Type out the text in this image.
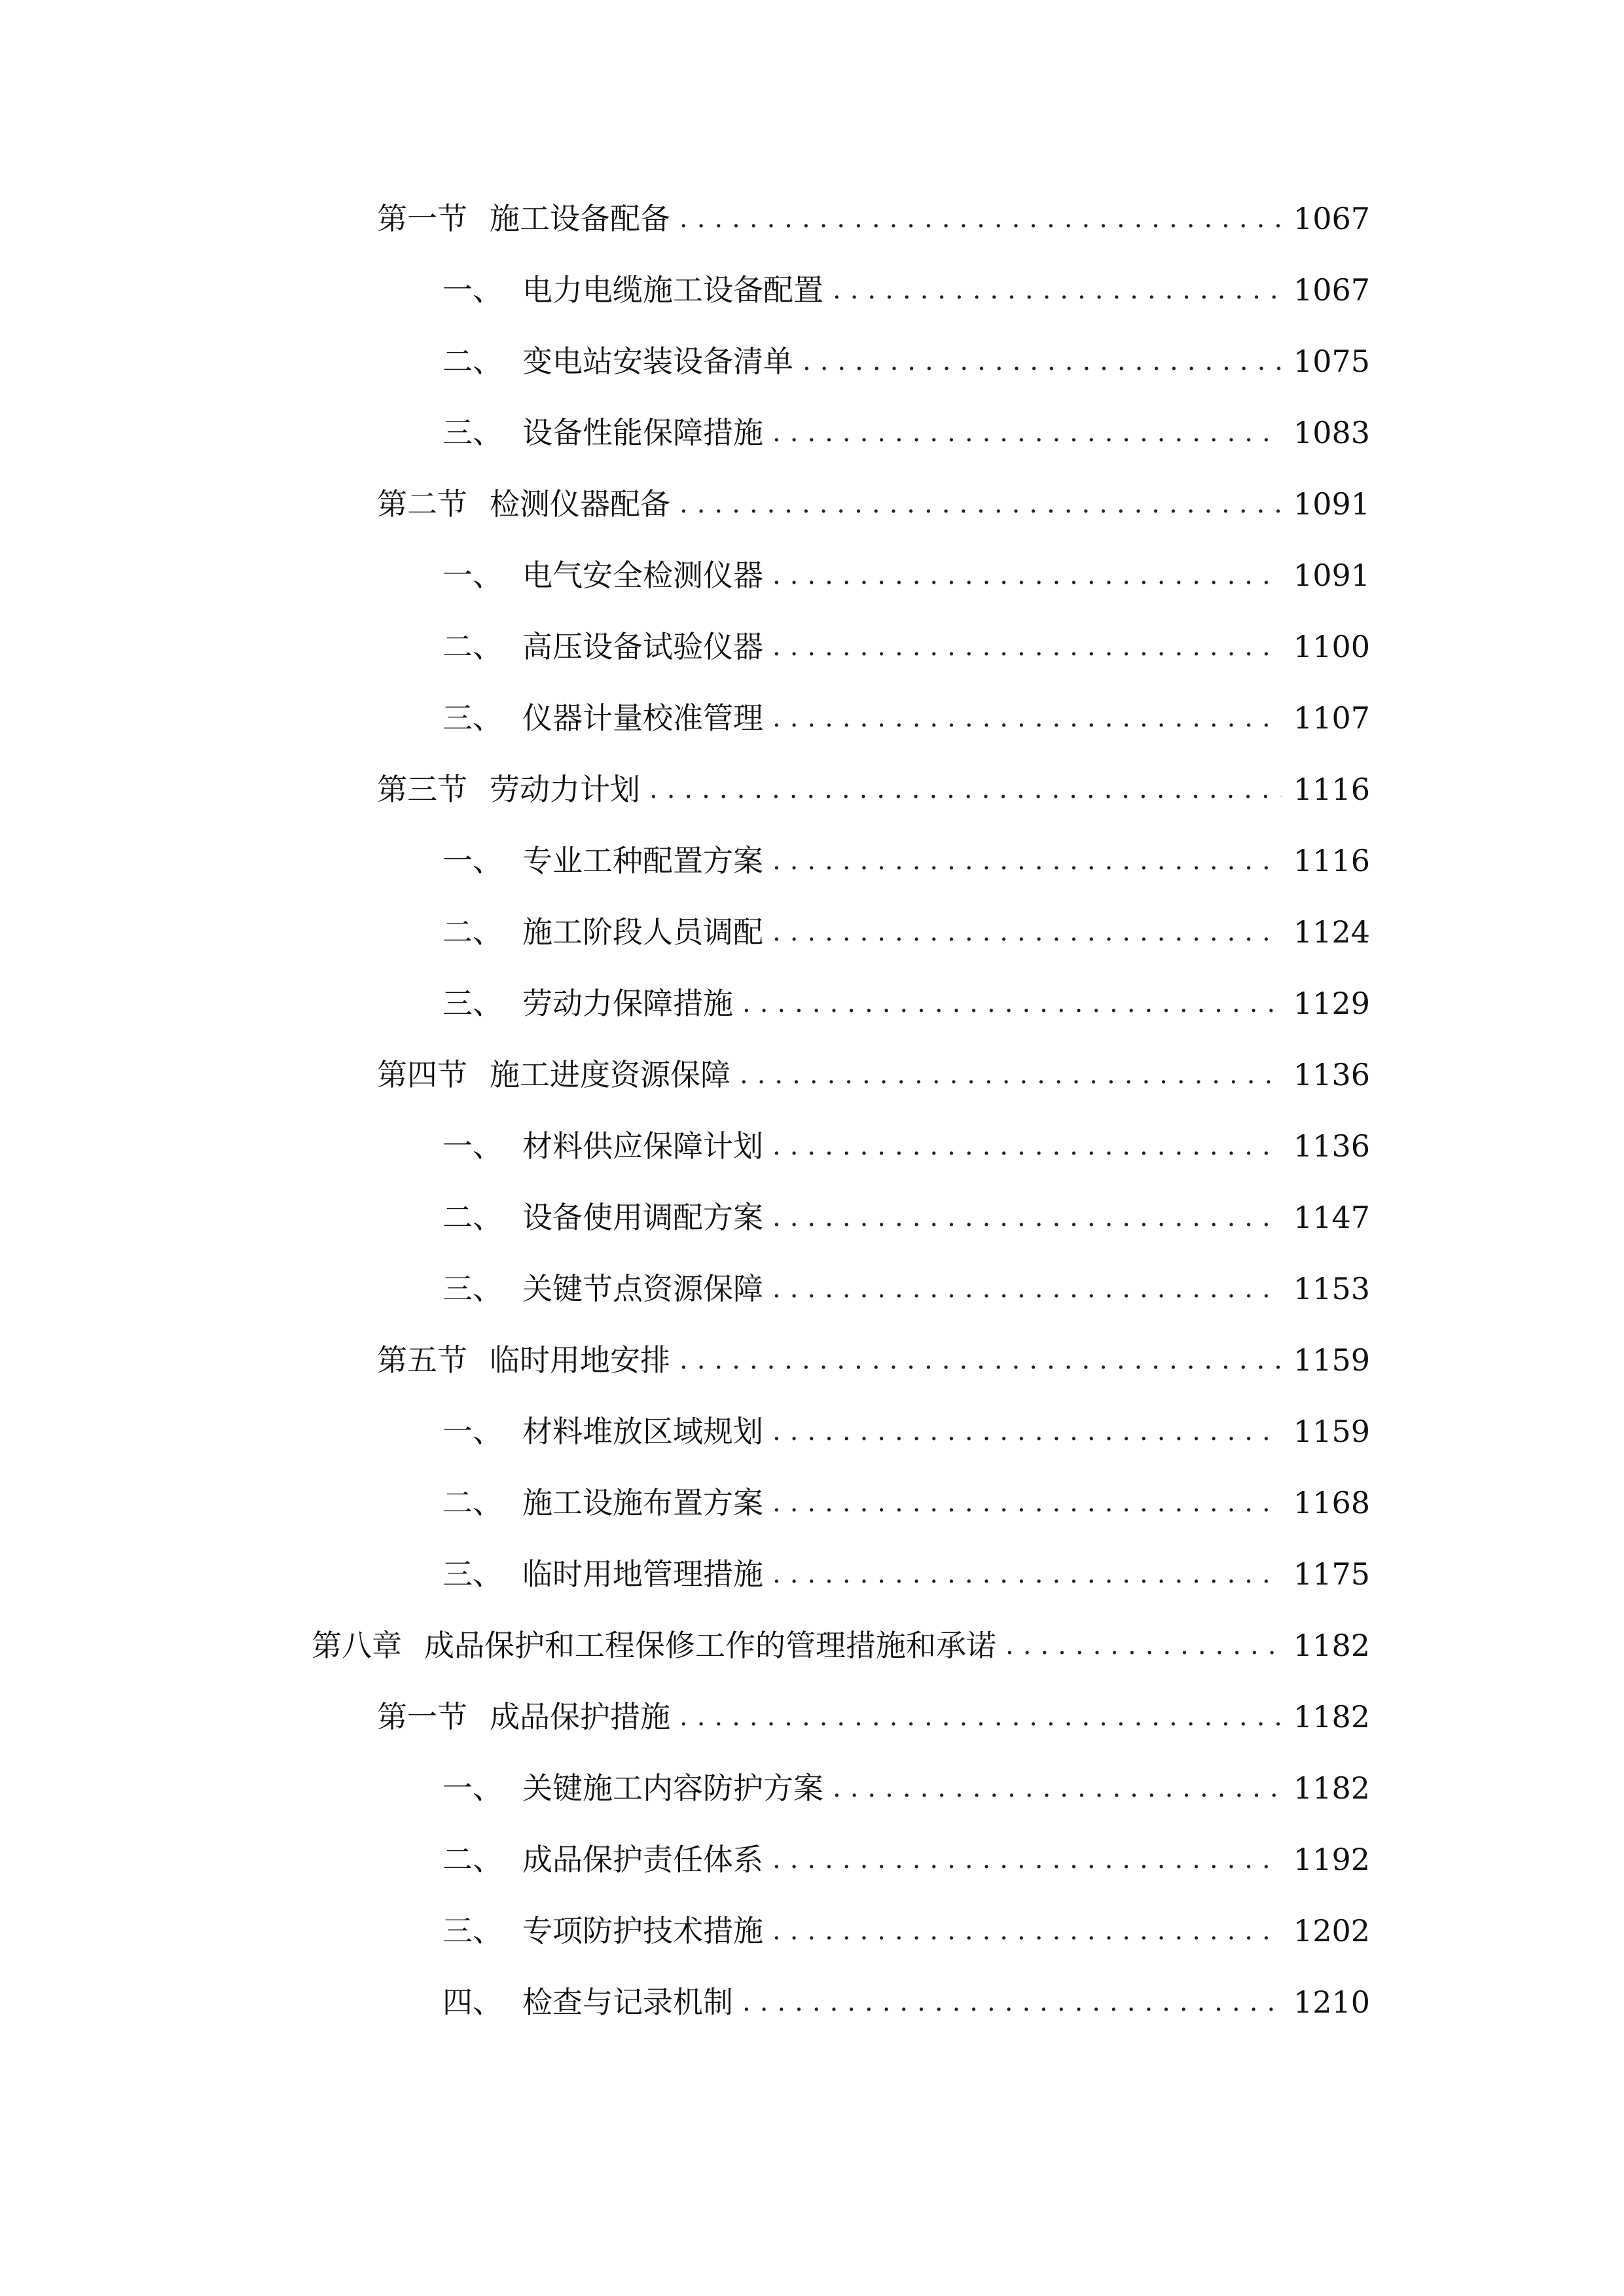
第一节 施工设备配备 .....	1067
一、 电力电缆施工设备配置 .....	1067
二、 变电站安装设备清单 .....	1075
三、 设备性能保障措施 .....	1083
第二节 检测仪器配备 .....	1091
一、 电气安全检测仪器 .....	1091
二、 高压设备试验仪器 .....	1100
三、 仪器计量校准管理 .....	1107
第三节 劳动力计划 .....	1116
一、 专业工种配置方案 .....	1116
二、 施工阶段人员调配 .....	1124
三、 劳动力保障措施 .....	1129
第四节 施工进度资源保障 .....	1136
一、 材料供应保障计划 .....	1136
二、 设备使用调配方案 .....	1147
三、 关键节点资源保障 .....	1153
第五节 临时用地安排 .....	1159
一、 材料堆放区域规划 .....	1159
二、 施工设施布置方案 .....	1168
三、 临时用地管理措施 .....	1175
第八章 成品保护和工程保修工作的管理措施和承诺 .....	1182
第一节 成品保护措施 .....	1182
一、 关键施工内容防护方案 .....	1182
二、 成品保护责任体系 .....	1192
三、 专项防护技术措施 .....	1202
四、 检查与记录机制 .....	1210
